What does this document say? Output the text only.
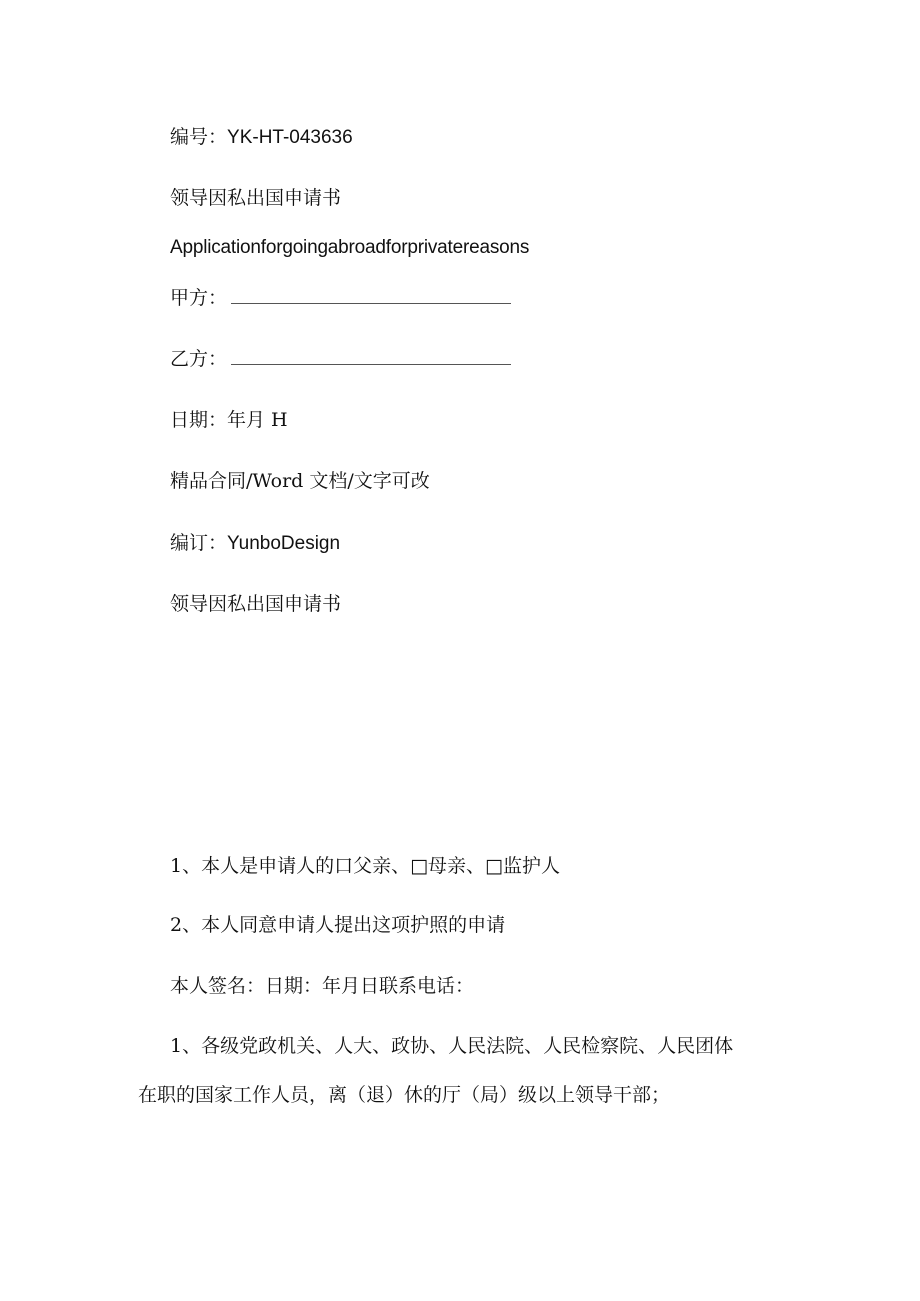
编号：YK-HT-043636
领导因私出国申请书
Applicationforgoingabroadforprivatereasons
甲方：
乙方：
日期：年月 H
精品合同/Word 文档/文字可改
编订：YunboDesign
领导因私出国申请书
1、本人是申请人的口父亲、□母亲、□监护人
2、本人同意申请人提出这项护照的申请
本人签名：日期：年月日联系电话：
1、各级党政机关、人大、政协、人民法院、人民检察院、人民团体
在职的国家工作人员，离（退）休的厅（局）级以上领导干部；
